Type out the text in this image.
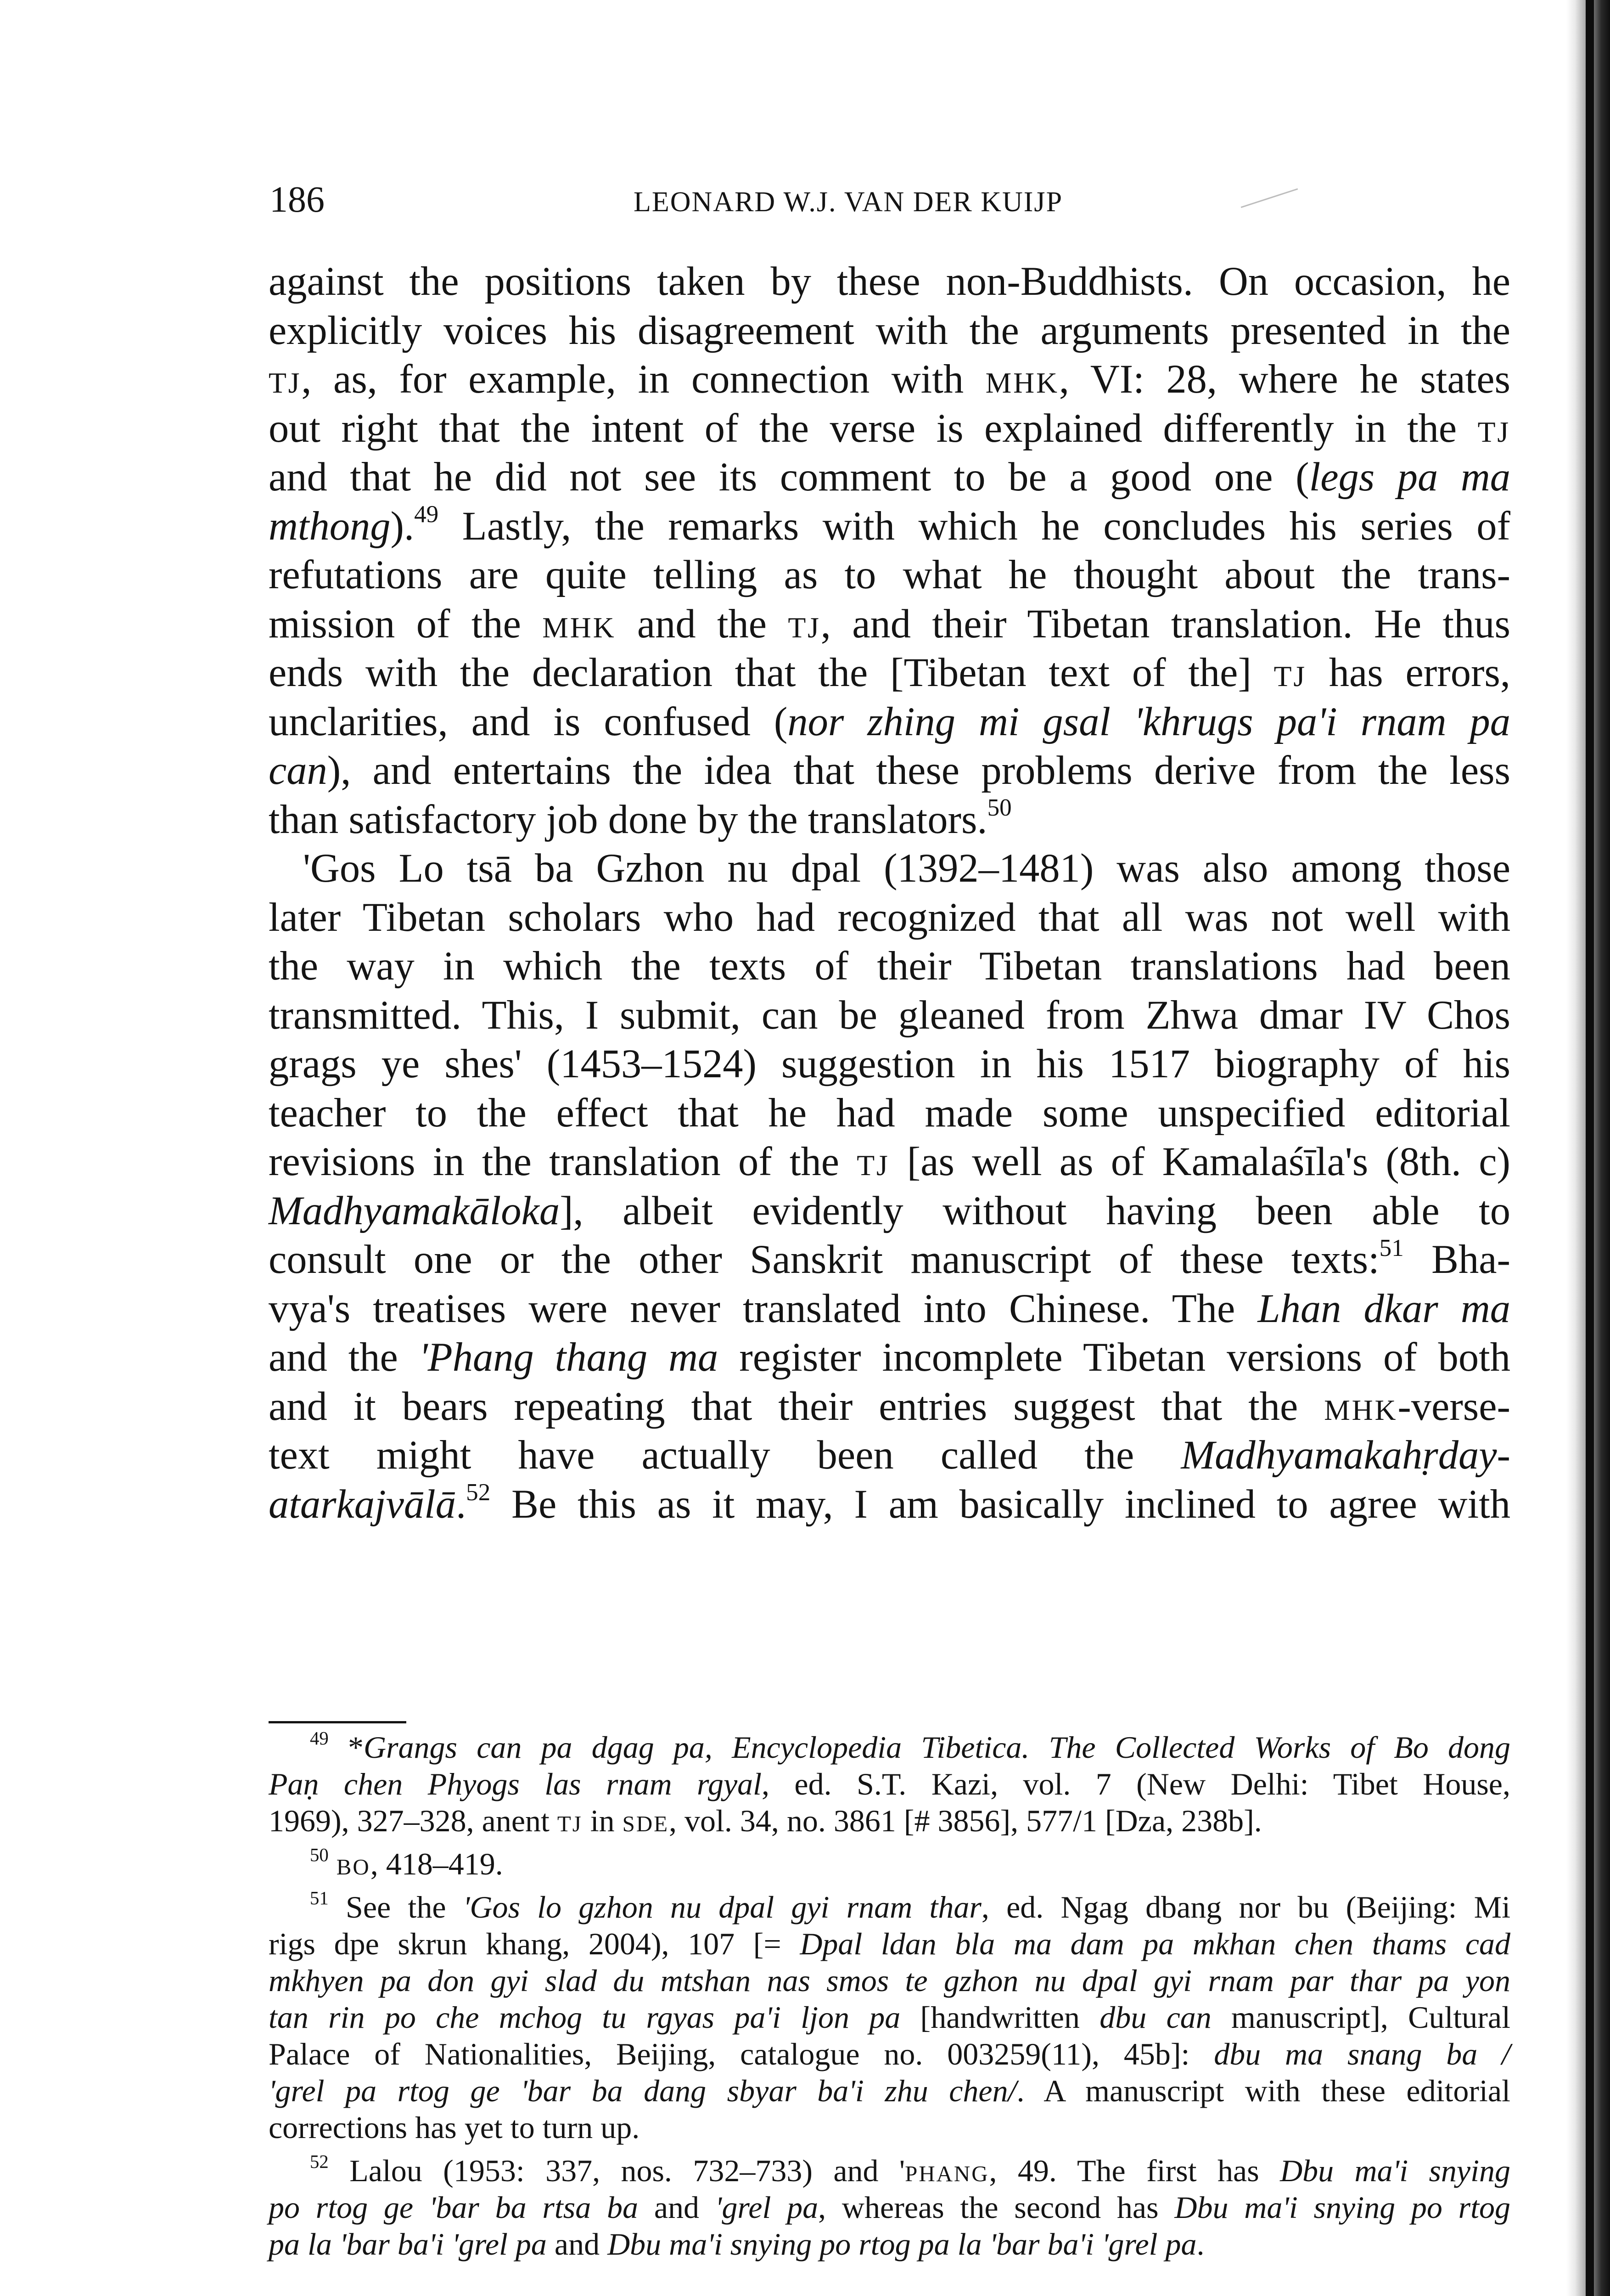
186	LEONARD W.J. VAN DER KUIJP
against the positions taken by these non-Buddhists. On occasion, he
explicitly voices his disagreement with the arguments presented in the
TJ, as, for example, in connection with MHK, VI: 28, where he states
out right that the intent of the verse is explained differently in the TJ
and that he did not see its comment to be a good one (legs pa ma
mthong).$^{49}$ Lastly, the remarks with which he concludes his series of
refutations are quite telling as to what he thought about the trans-
mission of the MHK and the TJ, and their Tibetan translation. He thus
ends with the declaration that the [Tibetan text of the] TJ has errors,
unclarities, and is confused (nor zhing mi gsal 'khrugs pa'i rnam pa
can), and entertains the idea that these problems derive from the less
than satisfactory job done by the translators.$^{50}$
'Gos Lo tsā ba Gzhon nu dpal (1392–1481) was also among those
later Tibetan scholars who had recognized that all was not well with
the way in which the texts of their Tibetan translations had been
transmitted. This, I submit, can be gleaned from Zhwa dmar IV Chos
grags ye shes' (1453–1524) suggestion in his 1517 biography of his
teacher to the effect that he had made some unspecified editorial
revisions in the translation of the TJ [as well as of Kamalaśīla's (8th. c)
Madhyamakāloka], albeit evidently without having been able to
consult one or the other Sanskrit manuscript of these texts:$^{51}$ Bha-
vya's treatises were never translated into Chinese. The Lhan dkar ma
and the 'Phang thang ma register incomplete Tibetan versions of both
and it bears repeating that their entries suggest that the MHK-verse-
text might have actually been called the Madhyamakahṛday-
atarkajvālā.$^{52}$ Be this as it may, I am basically inclined to agree with
$^{49}$ *Grangs can pa dgag pa, Encyclopedia Tibetica. The Collected Works of Bo dong
Paṇ chen Phyogs las rnam rgyal, ed. S.T. Kazi, vol. 7 (New Delhi: Tibet House,
1969), 327–328, anent TJ in SDE, vol. 34, no. 3861 [# 3856], 577/1 [Dza, 238b].
$^{50}$ BO, 418–419.
$^{51}$ See the 'Gos lo gzhon nu dpal gyi rnam thar, ed. Ngag dbang nor bu (Beijing: Mi
rigs dpe skrun khang, 2004), 107 [= Dpal ldan bla ma dam pa mkhan chen thams cad
mkhyen pa don gyi slad du mtshan nas smos te gzhon nu dpal gyi rnam par thar pa yon
tan rin po che mchog tu rgyas pa'i ljon pa [handwritten dbu can manuscript], Cultural
Palace of Nationalities, Beijing, catalogue no. 003259(11), 45b]: dbu ma snang ba /
'grel pa rtog ge 'bar ba dang sbyar ba'i zhu chen/. A manuscript with these editorial
corrections has yet to turn up.
$^{52}$ Lalou (1953: 337, nos. 732–733) and 'PHANG, 49. The first has Dbu ma'i snying
po rtog ge 'bar ba rtsa ba and 'grel pa, whereas the second has Dbu ma'i snying po rtog
pa la 'bar ba'i 'grel pa and Dbu ma'i snying po rtog pa la 'bar ba'i 'grel pa.
